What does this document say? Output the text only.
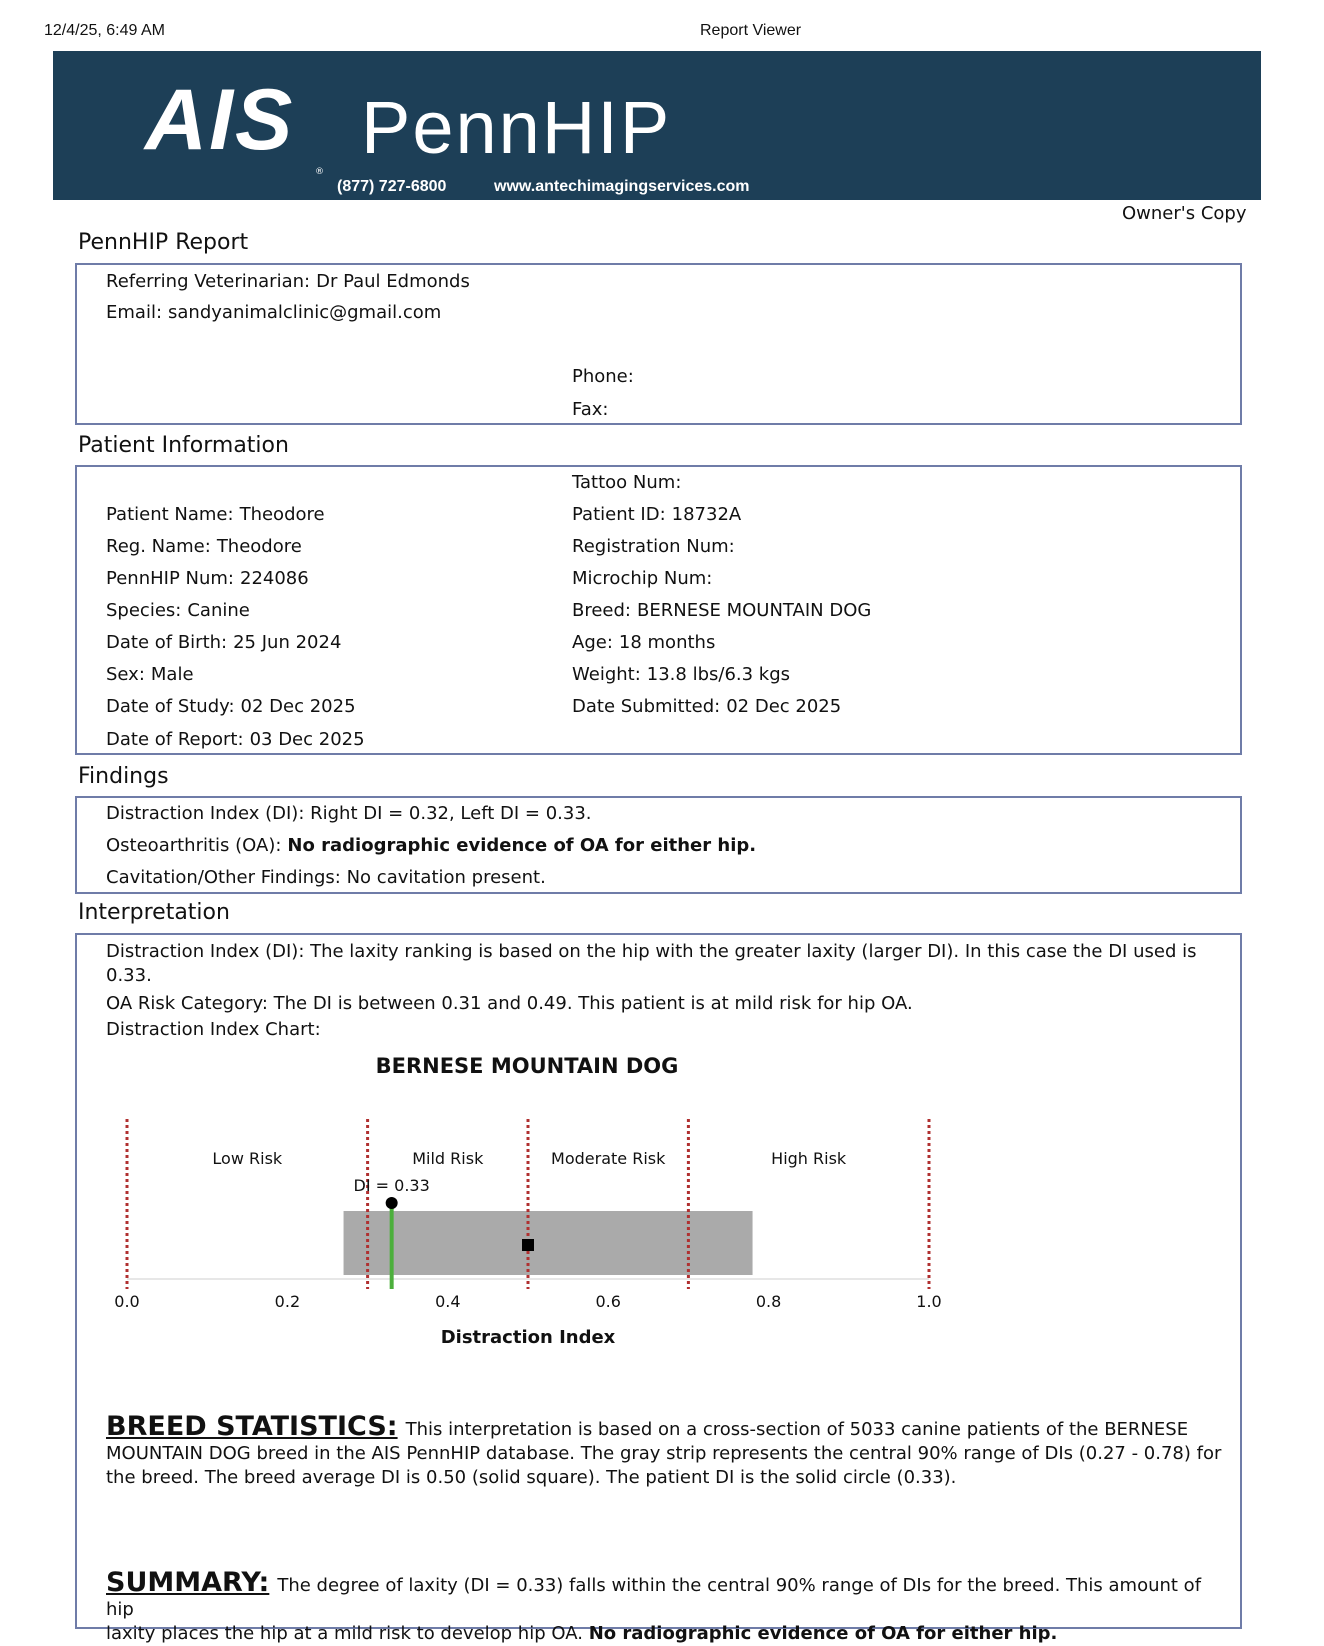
12/4/25, 6:49 AM	Report Viewer
AIS
®
PennHIP
(877) 727-6800	www.antechimagingservices.com
Owner's Copy
PennHIP Report
Referring Veterinarian: Dr Paul Edmonds
Email: sandyanimalclinic@gmail.com
Phone:
Fax:
Patient Information
Patient Name: Theodore
Reg. Name: Theodore
PennHIP Num: 224086
Species: Canine
Date of Birth: 25 Jun 2024
Sex: Male
Date of Study: 02 Dec 2025
Date of Report: 03 Dec 2025
Tattoo Num:
Patient ID: 18732A
Registration Num:
Microchip Num:
Breed: BERNESE MOUNTAIN DOG
Age: 18 months
Weight: 13.8 lbs/6.3 kgs
Date Submitted: 02 Dec 2025
Findings
Distraction Index (DI): Right DI = 0.32, Left DI = 0.33.
Osteoarthritis (OA): No radiographic evidence of OA for either hip.
Cavitation/Other Findings: No cavitation present.
Interpretation
Distraction Index (DI): The laxity ranking is based on the hip with the greater laxity (larger DI). In this case the DI used is 0.33.
OA Risk Category: The DI is between 0.31 and 0.49. This patient is at mild risk for hip OA.
Distraction Index Chart:
BERNESE MOUNTAIN DOG
Low Risk	Mild Risk	Moderate Risk	High Risk
DI = 0.33
0.0	0.2	0.4	0.6	0.8	1.0
Distraction Index
BREED STATISTICS: This interpretation is based on a cross-section of 5033 canine patients of the BERNESE
MOUNTAIN DOG breed in the AIS PennHIP database. The gray strip represents the central 90% range of DIs (0.27 - 0.78) for
the breed. The breed average DI is 0.50 (solid square). The patient DI is the solid circle (0.33).
SUMMARY: The degree of laxity (DI = 0.33) falls within the central 90% range of DIs for the breed. This amount of hip
laxity places the hip at a mild risk to develop hip OA. No radiographic evidence of OA for either hip.
